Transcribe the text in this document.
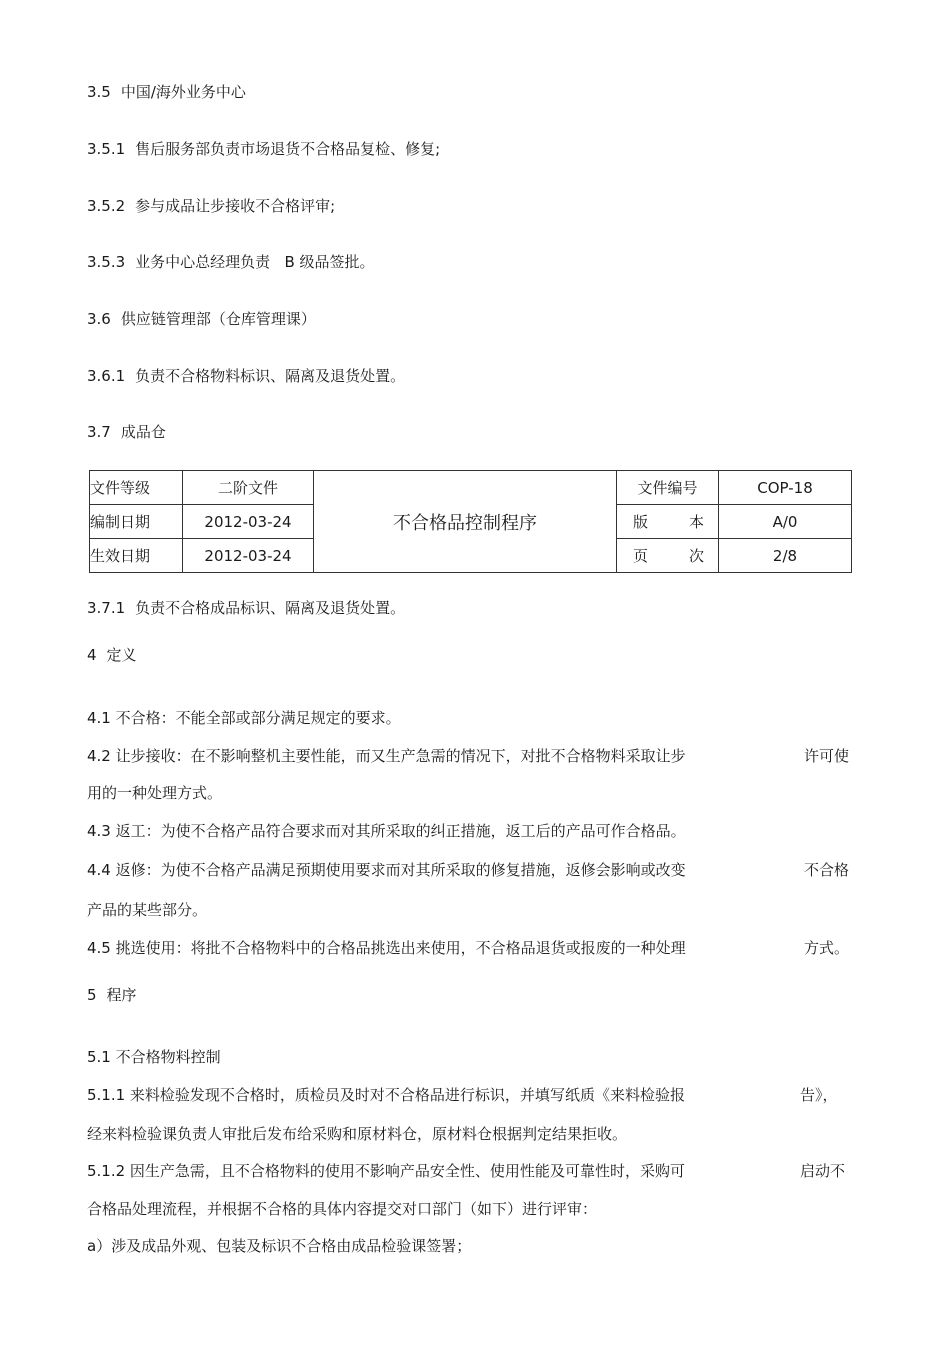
3.5 中国/海外业务中心
3.5.1 售后服务部负责市场退货不合格品复检、修复;
3.5.2 参与成品让步接收不合格评审;
3.5.3 业务中心总经理负责   B 级品签批。
3.6 供应链管理部（仓库管理课）
3.6.1 负责不合格物料标识、隔离及退货处置。
3.7 成品仓
文件等级	二阶文件	不合格品控制程序	文件编号	COP-18
编制日期	2012-03-24		版 本	A/0
生效日期	2012-03-24		页 次	2/8
3.7.1 负责不合格成品标识、隔离及退货处置。
4 定义
4.1 不合格：不能全部或部分满足规定的要求。
4.2 让步接收：在不影响整机主要性能，而又生产急需的情况下，对批不合格物料采取让步	许可使
用的一种处理方式。
4.3 返工：为使不合格产品符合要求而对其所采取的纠正措施，返工后的产品可作合格品。
4.4 返修：为使不合格产品满足预期使用要求而对其所采取的修复措施，返修会影响或改变	不合格
产品的某些部分。
4.5 挑选使用：将批不合格物料中的合格品挑选出来使用，不合格品退货或报废的一种处理	方式。
5 程序
5.1 不合格物料控制
5.1.1 来料检验发现不合格时，质检员及时对不合格品进行标识，并填写纸质《来料检验报	告》，
经来料检验课负责人审批后发布给采购和原材料仓，原材料仓根据判定结果拒收。
5.1.2 因生产急需，且不合格物料的使用不影响产品安全性、使用性能及可靠性时，采购可	启动不
合格品处理流程，并根据不合格的具体内容提交对口部门（如下）进行评审：
a）涉及成品外观、包装及标识不合格由成品检验课签署；
